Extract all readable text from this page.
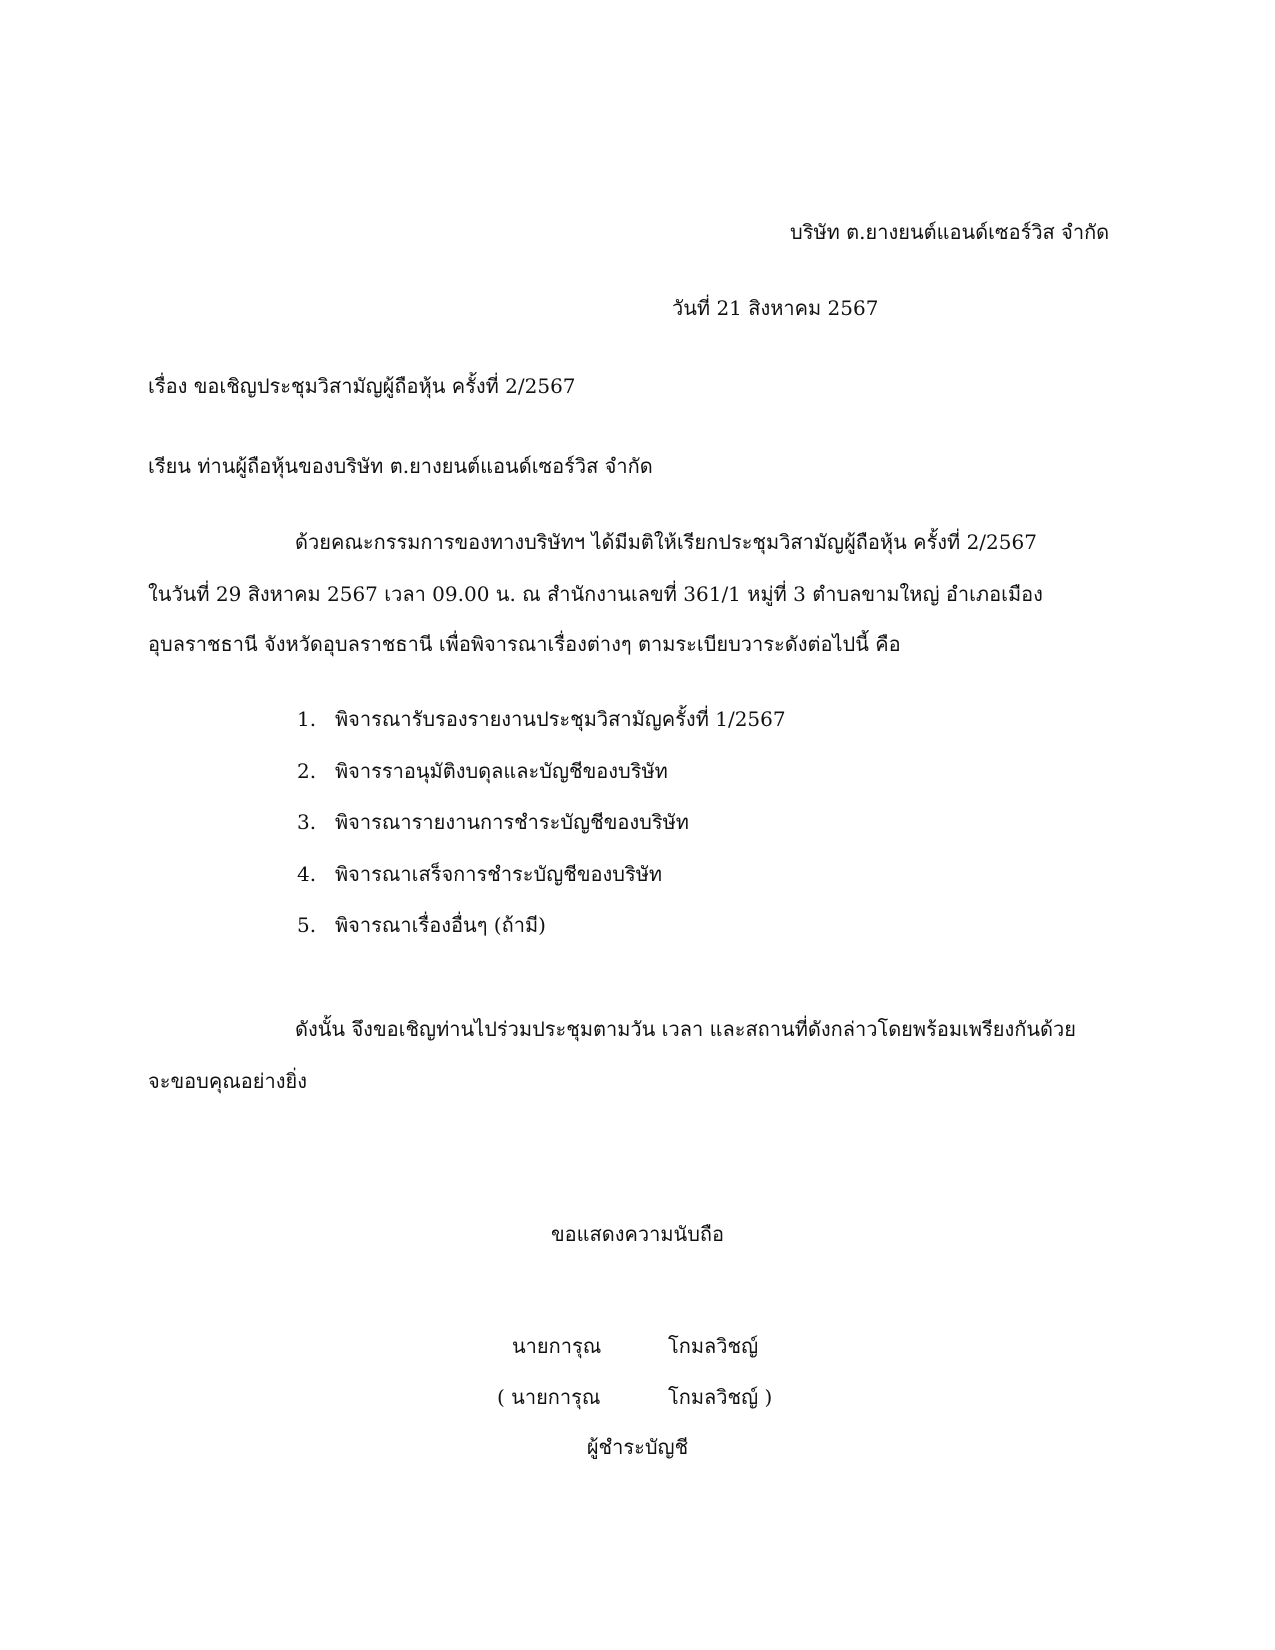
บริษัท ต.ยางยนต์แอนด์เซอร์วิส จำกัด
วันที่ 21 สิงหาคม 2567
เรื่อง ขอเชิญประชุมวิสามัญผู้ถือหุ้น ครั้งที่ 2/2567
เรียน ท่านผู้ถือหุ้นของบริษัท ต.ยางยนต์แอนด์เซอร์วิส จำกัด
ด้วยคณะกรรมการของทางบริษัทฯ ได้มีมติให้เรียกประชุมวิสามัญผู้ถือหุ้น ครั้งที่ 2/2567
ในวันที่ 29 สิงหาคม 2567 เวลา 09.00 น. ณ สำนักงานเลขที่ 361/1 หมู่ที่ 3 ตำบลขามใหญ่ อำเภอเมือง
อุบลราชธานี จังหวัดอุบลราชธานี เพื่อพิจารณาเรื่องต่างๆ ตามระเบียบวาระดังต่อไปนี้ คือ
1. พิจารณารับรองรายงานประชุมวิสามัญครั้งที่ 1/2567
2. พิจารราอนุมัติงบดุลและบัญชีของบริษัท
3. พิจารณารายงานการชำระบัญชีของบริษัท
4. พิจารณาเสร็จการชำระบัญชีของบริษัท
5. พิจารณาเรื่องอื่นๆ (ถ้ามี)
ดังนั้น จึงขอเชิญท่านไปร่วมประชุมตามวัน เวลา และสถานที่ดังกล่าวโดยพร้อมเพรียงกันด้วย
จะขอบคุณอย่างยิ่ง
ขอแสดงความนับถือ
นายการุณ	โกมลวิชญ์
( นายการุณ	โกมลวิชญ์ )
ผู้ชำระบัญชี
